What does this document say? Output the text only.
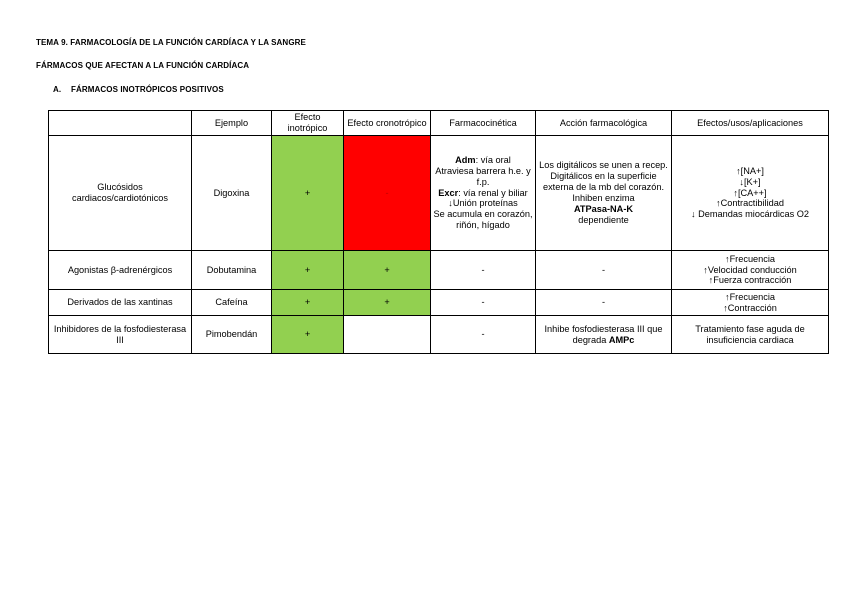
TEMA 9. FARMACOLOGÍA DE LA FUNCIÓN CARDÍACA Y LA SANGRE
FÁRMACOS QUE AFECTAN A LA FUNCIÓN CARDÍACA
A. FÁRMACOS INOTRÓPICOS POSITIVOS
	Ejemplo	Efecto inotrópico	Efecto cronotrópico	Farmacocinética	Acción farmacológica	Efectos/usos/aplicaciones
Glucósidos cardiacos/cardiotónicos	Digoxina	+	-	Adm: vía oral
Atraviesa barrera h.e. y f.p.
Excr: vía renal y biliar
↓Unión proteínas
Se acumula en corazón, riñón, hígado	Los digitálicos se unen a recep. Digitálicos en la superficie externa de la mb del corazón. Inhiben enzima
ATPasa-NA-K
dependiente	↑[NA+]
↓[K+]
↑[CA++]
↑Contractibilidad
↓ Demandas miocárdicas O2

Agonistas β-adrenérgicos	Dobutamina	+	+	-	-	↑Frecuencia
↑Velocidad conducción
↑Fuerza contracción

Derivados de las xantinas	Cafeína	+	+	-	-	↑Frecuencia
↑Contracción

Inhibidores de la fosfodiesterasa III	Pimobendán	+		-	Inhibe fosfodiesterasa III que degrada AMPc	Tratamiento fase aguda de insuficiencia cardiaca
